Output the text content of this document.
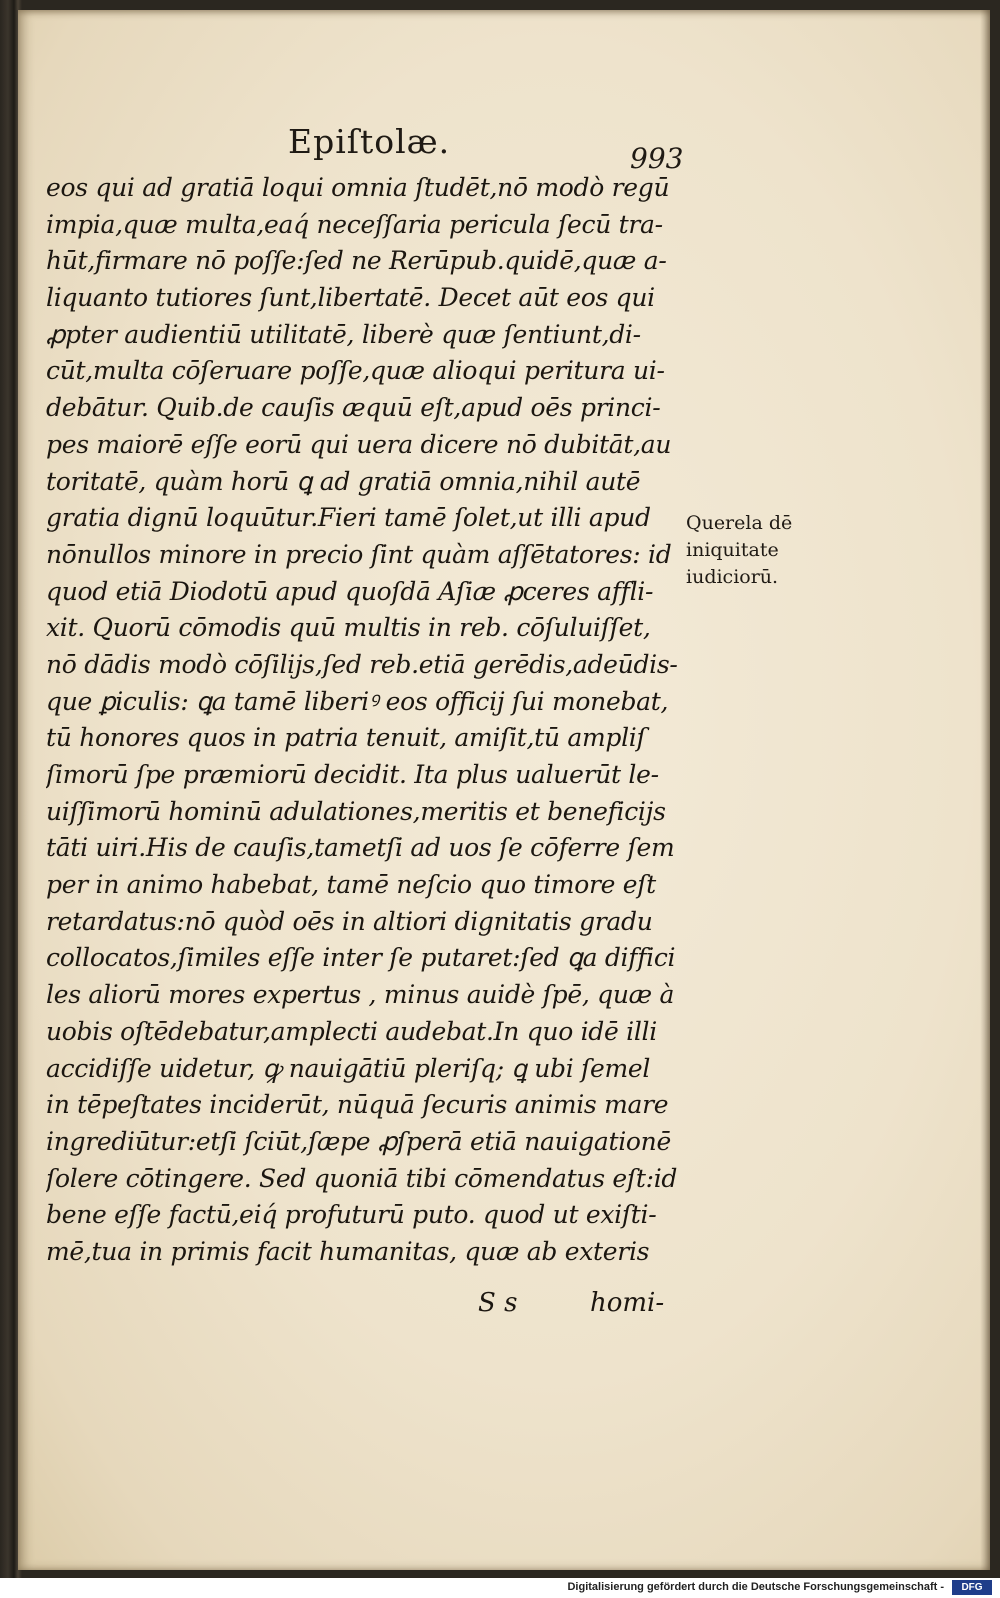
Epiſtolæ.	993
eos qui ad gratiā loqui omnia ſtudēt,nō modò regū
impia,quæ multa,eaq́ neceſſaria pericula ſecū tra-
hūt,firmare nō poſſe:ſed ne Rerūpub.quidē,quæ a-
liquanto tutiores ſunt,libertatē. Decet aūt eos qui
ꝓpter audientiū utilitatē, liberè quæ ſentiunt,di-
cūt,multa cōſeruare poſſe,quæ alioqui peritura ui-
debātur. Quib.de cauſis æquū eſt,apud oēs princi-
pes maiorē eſſe eorū qui uera dicere nō dubitāt,au
toritatē, quàm horū ꝗ ad gratiā omnia,nihil autē
gratia dignū loquūtur.Fieri tamē ſolet,ut illi apud
nōnullos minore in precio ſint quàm aſſētatores: id
quod etiā Diodotū apud quoſdā Aſiæ ꝓceres affli-
xit. Quorū cōmodis quū multis in reb. cōſuluiſſet,
nō dādis modò cōſilijs,ſed reb.etiā gerēdis,adeūdis-
que ꝑiculis: ꝗa tamē liberiꝰ eos officij ſui monebat,
tū honores quos in patria tenuit, amiſit,tū ampliſ
ſimorū ſpe præmiorū decidit. Ita plus ualuerūt le-
uiſſimorū hominū adulationes,meritis et beneficijs
tāti uiri.His de cauſis,tametſi ad uos ſe cōferre ſem
per in animo habebat, tamē neſcio quo timore eſt
retardatus:nō quòd oēs in altiori dignitatis gradu
collocatos,ſimiles eſſe inter ſe putaret:ſed ꝗa diffici
les aliorū mores expertus , minus auidè ſpē, quæ à
uobis oſtēdebatur,amplecti audebat.In quo idē illi
accidiſſe uidetur, ꝙ nauigātiū pleriſq; ꝗ ubi ſemel
in tēpeſtates inciderūt, nūquā ſecuris animis mare
ingrediūtur:etſi ſciūt,ſæpe ꝓſperā etiā nauigationē
ſolere cōtingere. Sed quoniā tibi cōmendatus eſt:id
bene eſſe factū,eiq́ profuturū puto. quod ut exiſti-
mē,tua in primis facit humanitas, quæ ab exteris
Querela dē
iniquitate
iudiciorū.
S s	homi-
Digitalisierung gefördert durch die Deutsche Forschungsgemeinschaft -	DFG
